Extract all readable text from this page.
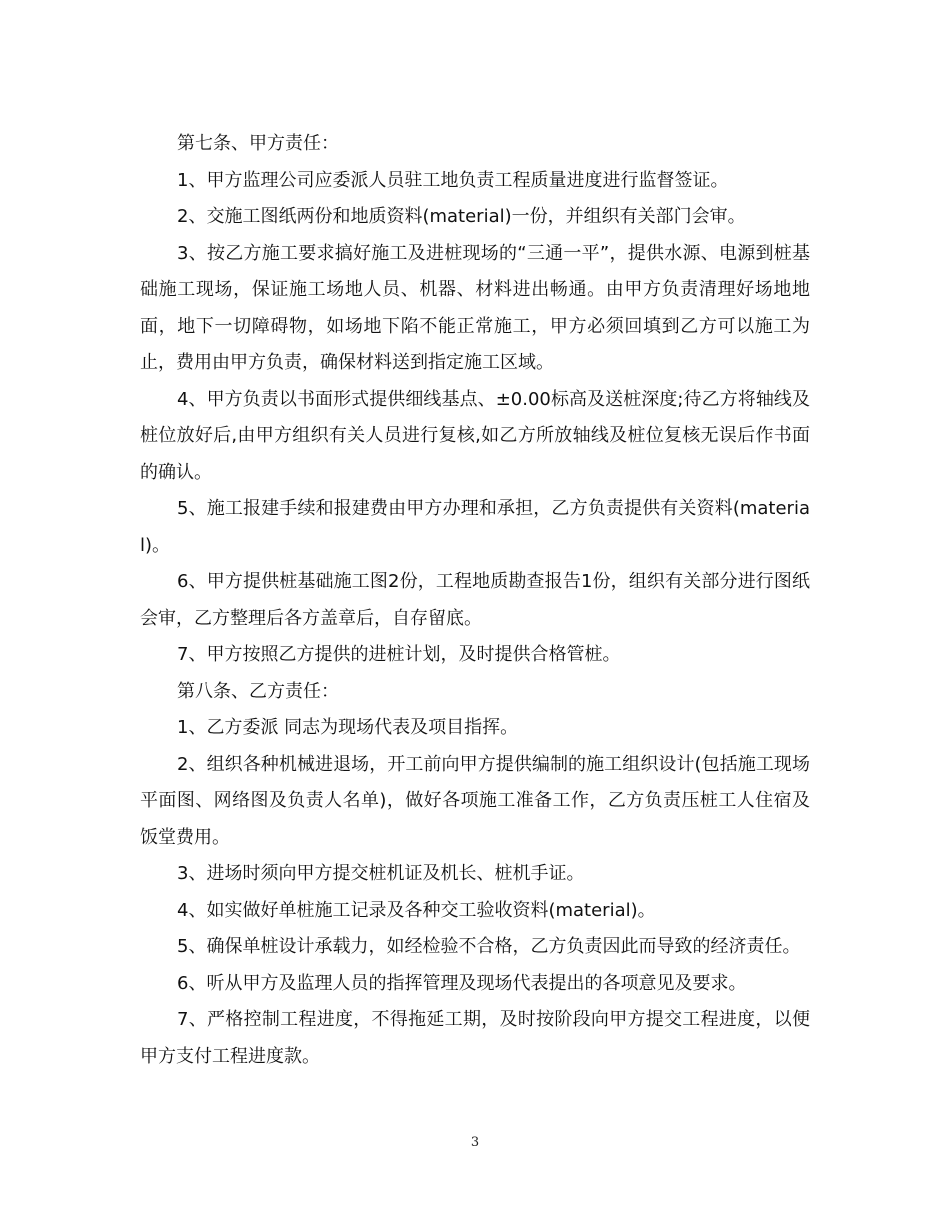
第七条、甲方责任：

1、甲方监理公司应委派人员驻工地负责工程质量进度进行监督签证。

2、交施工图纸两份和地质资料(material)一份，并组织有关部门会审。

3、按乙方施工要求搞好施工及进桩现场的“三通一平”，提供水源、电源到桩基础施工现场，保证施工场地人员、机器、材料进出畅通。由甲方负责清理好场地地面，地下一切障碍物，如场地下陷不能正常施工，甲方必须回填到乙方可以施工为止，费用由甲方负责，确保材料送到指定施工区域。

4、甲方负责以书面形式提供细线基点、±0.00标高及送桩深度;待乙方将轴线及桩位放好后,由甲方组织有关人员进行复核,如乙方所放轴线及桩位复核无误后作书面的确认。

5、施工报建手续和报建费由甲方办理和承担，乙方负责提供有关资料(material)。

6、甲方提供桩基础施工图2份，工程地质勘查报告1份，组织有关部分进行图纸会审，乙方整理后各方盖章后，自存留底。

7、甲方按照乙方提供的进桩计划，及时提供合格管桩。

第八条、乙方责任：

1、乙方委派 同志为现场代表及项目指挥。

2、组织各种机械进退场，开工前向甲方提供编制的施工组织设计(包括施工现场平面图、网络图及负责人名单)，做好各项施工准备工作，乙方负责压桩工人住宿及饭堂费用。

3、进场时须向甲方提交桩机证及机长、桩机手证。

4、如实做好单桩施工记录及各种交工验收资料(material)。

5、确保单桩设计承载力，如经检验不合格，乙方负责因此而导致的经济责任。

6、听从甲方及监理人员的指挥管理及现场代表提出的各项意见及要求。

7、严格控制工程进度，不得拖延工期，及时按阶段向甲方提交工程进度，以便甲方支付工程进度款。

3
